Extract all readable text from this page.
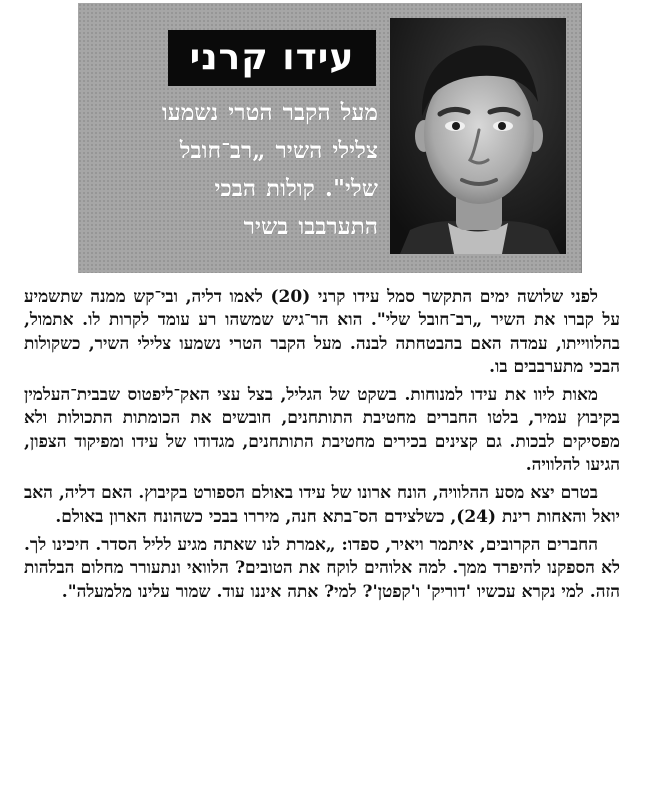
עידו קרני
מעל הקבר הטרי נשמעו צלילי השיר „רב־חובל שלי". קולות הבכי התערבבו בשיר

לפני שלושה ימים התקשר סמל עידו קרני (20) לאמו דליה, ובי־קש ממנה שתשמיע על קברו את השיר „רב־חובל שלי". הוא הר־גיש שמשהו רע עומד לקרות לו. אתמול, בהלווייתו, עמדה האם בהבטחתה לבנה. מעל הקבר הטרי נשמעו צלילי השיר, כשקולות הבכי מתערבבים בו.

מאות ליוו את עידו למנוחות. בשקט של הגליל, בצל עצי האק־ליפטוס שבבית־העלמין בקיבוץ עמיר, בלטו החברים מחטיבת התותחנים, חובשים את הכומתות התכולות ולא מפסיקים לבכות. גם קצינים בכירים מחטיבת התותחנים, מגדודו של עידו ומפיקוד הצפון, הגיעו להלוויה.

בטרם יצא מסע ההלוויה, הונח ארונו של עידו באולם הספורט בקיבוץ. האם דליה, האב יואל והאחות רינת (24), כשלצידם הס־בתא חנה, מיררו בבכי כשהונח הארון באולם.

החברים הקרובים, איתמר ויאיר, ספדו: „אמרת לנו שאתה מגיע לליל הסדר. חיכינו לך. לא הספקנו להיפרד ממך. למה אלוהים לוקח את הטובים? הלוואי ונתעורר מחלום הבלהות הזה. למי נקרא עכשיו 'דוריק' ו'קפטן'? למי? אתה איננו עוד. שמור עלינו מלמעלה".
